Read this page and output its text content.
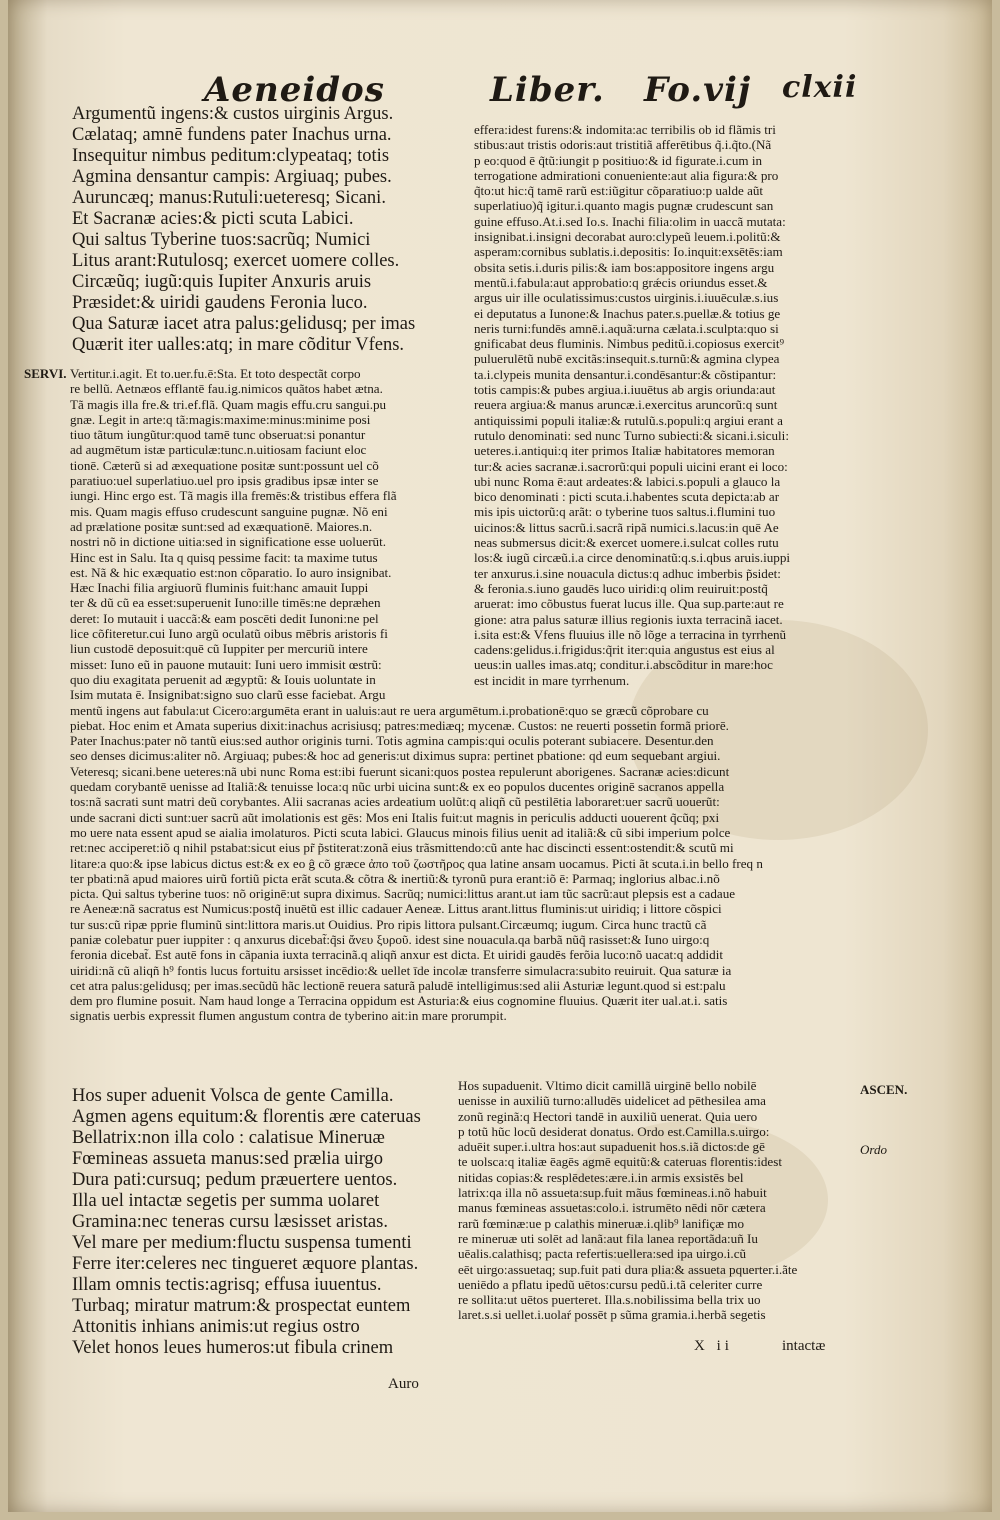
Aeneidos	Liber. Fo.vij clxii
Argumentũ ingens:& custos uirginis Argus.
Cælataq; amnē fundens pater Inachus urna.
Insequitur nimbus peditum:clypeataq; totis
Agmina densantur campis: Argiuaq; pubes.
Auruncæq; manus:Rutuli:ueteresq; Sicani.
Et Sacranæ acies:& picti scuta Labici.
Qui saltus Tyberine tuos:sacrũq; Numici
Litus arant:Rutulosq; exercet uomere colles.
Circæũq; iugũ:quis Iupiter Anxuris aruis
Præsidet:& uiridi gaudens Feronia luco.
Qua Saturæ iacet atra palus:gelidusq; per imas
Quærit iter ualles:atq; in mare cõditur Vfens.
effera:idest furens:& indomita:ac terribilis ob id flãmis tri
stibus:aut tristis odoris:aut tristitiã afferētibus q̃.i.q̃to.(Nã
p eo:quod ē q̃tũ:iungit p positiuo:& id figurate.i.cum in
terrogatione admirationi conueniente:aut alia figura:& pro
q̃to:ut hic:q̃ tamē rarũ est:iũgitur cõparatiuo:p ualde aũt
superlatiuo)q̃ igitur.i.quanto magis pugnæ crudescunt san
guine effuso.At.i.sed Io.s. Inachi filia:olim in uaccã mutata:
insignibat.i.insigni decorabat auro:clypeũ leuem.i.politũ:&
asperam:cornibus sublatis.i.depositis: Io.inquit:exsētēs:iam
obsita setis.i.duris pilis:& iam bos:appositore ingens argu
mentũ.i.fabula:aut approbatio:q grǽcis oriundus esset.&
argus uir ille oculatissimus:custos uirginis.i.iuuēculæ.s.ius
ei deputatus a Iunone:& Inachus pater.s.puellæ.& totius ge
neris turni:fundēs amnē.i.aquã:urna cælata.i.sculpta:quo si
gnificabat deus fluminis. Nimbus peditũ.i.copiosus exercit⁹
puluerulētũ nubē excitãs:insequit.s.turnũ:& agmina clypea
ta.i.clypeis munita densantur.i.condēsantur:& cõstipantur:
totis campis:& pubes argiua.i.iuuētus ab argis oriunda:aut
reuera argiua:& manus aruncæ.i.exercitus aruncorũ:q sunt
antiquissimi populi italiæ:& rutulũ.s.populi:q argiui erant a
rutulo denominati: sed nunc Turno subiecti:& sicani.i.siculi:
ueteres.i.antiqui:q iter primos Italiæ habitatores memoran
tur:& acies sacranæ.i.sacrorũ:qui populi uicini erant ei loco:
ubi nunc Roma ē:aut ardeates:& labici.s.populi a glauco la
bico denominati : picti scuta.i.habentes scuta depicta:ab ar
mis ipis uictorũ:q arãt: o tyberine tuos saltus.i.flumini tuo
uicinos:& littus sacrũ.i.sacrã ripã numici.s.lacus:in quē Ae
neas submersus dicit:& exercet uomere.i.sulcat colles rutu
los:& iugũ circæũ.i.a circe denominatũ:q.s.i.qbus aruis.iuppi
ter anxurus.i.sine nouacula dictus:q adhuc imberbis p̃sidet:
& feronia.s.iuno gaudēs luco uiridi:q olim reuiruit:postq̃
aruerat: imo cõbustus fuerat lucus ille. Qua sup.parte:aut re
gione: atra palus saturæ illius regionis iuxta terracinã iacet.
i.sita est:& Vfens fluuius ille nõ lõge a terracina in tyrrhenũ
cadens:gelidus.i.frigidus:q̃rit iter:quia angustus est eius al
ueus:in ualles imas.atq; conditur.i.abscõditur in mare:hoc
est incidit in mare tyrrhenum.
Vertitur.i.agit. Et to.uer.fu.ē:Sta. Et toto despectãt corpo
re bellũ. Aetnæos efflantē fau.ig.nimicos quãtos habet ætna.
Tã magis illa fre.& tri.ef.flã. Quam magis effu.cru sangui.pu
gnæ. Legit in arte:q tã:magis:maxime:minus:minime posi
tiuo tãtum iungũtur:quod tamē tunc obseruat:si ponantur
ad augmētum istæ particulæ:tunc.n.uitiosam faciunt eloc
tionē. Cæterũ si ad æxequatione positæ sunt:possunt uel cõ
paratiuo:uel superlatiuo.uel pro ipsis gradibus ipsæ inter se
iungi. Hinc ergo est. Tã magis illa fremēs:& tristibus effera flã
mis. Quam magis effuso crudescunt sanguine pugnæ. Nõ eni
ad prælatione positæ sunt:sed ad exæquationē. Maiores.n.
nostri nõ in dictione uitia:sed in significatione esse uoluerūt.
Hinc est in Salu. Ita q quisq pessime facit: ta maxime tutus
est. Nã & hic exæquatio est:non cõparatio. Io auro insignibat.
Hæc Inachi filia argiuorũ fluminis fuit:hanc amauit Iuppi
ter & dũ cũ ea esset:superuenit Iuno:ille timēs:ne depræhen
deret: Io mutauit i uaccã:& eam poscēti dedit Iunoni:ne pel
lice cõfiteretur.cui Iuno argũ oculatũ oibus mēbris aristoris fi
liun custodē deposuit:quē cũ Iuppiter per mercuriũ intere
misset: Iuno eũ in pauone mutauit: Iuni uero immisit œstrũ:
quo diu exagitata peruenit ad ægyptũ: & Iouis uoluntate in
Isim mutata ē. Insignibat:signo suo clarũ esse faciebat. Argu
mentũ ingens aut fabula:ut Cicero:argumēta erant in ualuis:aut re uera argumētum.i.probationē:quo se græcũ cõprobare cu
piebat. Hoc enim et Amata superius dixit:inachus acrisiusq; patres:mediæq; mycenæ. Custos: ne reuerti possetin formã priorē.
Pater Inachus:pater nõ tantũ eius:sed author originis turni. Totis agmina campis:qui oculis poterant subiacere. Desentur.den
seo denses dicimus:aliter nõ. Argiuaq; pubes:& hoc ad generis:ut diximus supra: pertinet pbatione: qd eum sequebant argiui.
Veteresq; sicani.bene ueteres:nã ubi nunc Roma est:ibi fuerunt sicani:quos postea repulerunt aborigenes. Sacranæ acies:dicunt
quedam corybantē uenisse ad Italiã:& tenuisse loca:q nũc urbi uicina sunt:& ex eo populos ducentes originē sacranos appella
tos:nã sacrati sunt matri deũ corybantes. Alii sacranas acies ardeatium uolũt:q aliqñ cũ pestilētia laboraret:uer sacrũ uouerũt:
unde sacrani dicti sunt:uer sacrũ aũt imolationis est gēs: Mos eni Italis fuit:ut magnis in periculis adducti uouerent q̃cũq; pxi
mo uere nata essent apud se aialia imolaturos. Picti scuta labici. Glaucus minois filius uenit ad italiã:& cũ sibi imperium polce
ret:nec acciperet:iõ q nihil pstabat:sicut eius pr̃ p̃stiterat:zonã eius trãsmittendo:cũ ante hac discincti essent:ostendit:& scutũ mi
litare:a quo:& ipse labicus dictus est:& ex eo ĝ cõ græce ἀπο τοῦ ζωστῆρος qua latine ansam uocamus. Picti ãt scuta.i.in bello freq n
ter pbati:nã apud maiores uirũ fortiũ picta erãt scuta.& cõtra & inertiũ:& tyronũ pura erant:iõ ē: Parmaq; inglorius albac.i.nõ
picta. Qui saltus tyberine tuos: nõ originē:ut supra diximus. Sacrũq; numici:littus arant.ut iam tũc sacrũ:aut plepsis est a cadaue
re Aeneæ:nã sacratus est Numicus:postq̃ inuētũ est illic cadauer Aeneæ. Littus arant.littus fluminis:ut uiridiq; i littore cõspici
tur sus:cũ ripæ pprie fluminũ sint:littora maris.ut Ouidius. Pro ripis littora pulsant.Circæumq; iugum. Circa hunc tractũ cã
paniæ colebatur puer iuppiter : q anxurus dicebat̃:q̃si ἄνευ ξυροῦ. idest sine nouacula.qa barbã nũq̃ rasisset:& Iuno uirgo:q
feronia dicebat̃. Est autē fons in cãpania iuxta terracinã.q aliqñ anxur est dicta. Et uiridi gaudēs ferõia luco:nõ uacat:q addidit
uiridi:nã cũ aliqñ h⁹ fontis lucus fortuitu arsisset incēdio:& uellet īde incolæ transferre simulacra:subito reuiruit. Qua saturæ ia
cet atra palus:gelidusq; per imas.secũdũ hãc lectionē reuera saturã paludē intelligimus:sed alii Asturiæ legunt.quod si est:palu
dem pro flumine posuit. Nam haud longe a Terracina oppidum est Asturia:& eius cognomine fluuius. Quærit iter ual.at.i. satis
signatis uerbis expressit flumen angustum contra de tyberino ait:in mare prorumpit.
SERVI.
ASCEN.
Ordo
Hos super aduenit Volsca de gente Camilla.
Agmen agens equitum:& florentis ære cateruas
Bellatrix:non illa colo : calatisue Mineruæ
Fœmineas assueta manus:sed prælia uirgo
Dura pati:cursuq; pedum præuertere uentos.
Illa uel intactæ segetis per summa uolaret
Gramina:nec teneras cursu læsisset aristas.
Vel mare per medium:fluctu suspensa tumenti
Ferre iter:celeres nec tingueret æquore plantas.
Illam omnis tectis:agrisq; effusa iuuentus.
Turbaq; miratur matrum:& prospectat euntem
Attonitis inhians animis:ut regius ostro
Velet honos leues humeros:ut fibula crinem
Hos supaduenit. Vltimo dicit camillã uirginē bello nobilē
uenisse in auxiliũ turno:alludēs uidelicet ad pēthesilea ama
zonũ reginã:q Hectori tandē in auxiliũ uenerat. Quia uero
p totũ hũc locũ desiderat donatus. Ordo est.Camilla.s.uirgo:
aduēit super.i.ultra hos:aut supaduenit hos.s.iã dictos:de gē
te uolsca:q italiæ ēagēs agmē equitũ:& cateruas florentis:idest
nitidas copias:& resplēdetes:ære.i.in armis exsistēs bel
latrix:qa illa nõ assueta:sup.fuit mãus fœmineas.i.nõ habuit
manus fœmineas assuetas:colo.i. istrumēto nēdi nōr cætera
rarũ fœminæ:ue p calathis mineruæ.i.qlib⁹ lanifiçæ mo
re mineruæ uti solēt ad lanã:aut fila lanea reportãda:uñ Iu
uēalis.calathisq; pacta refertis:uellera:sed ipa uirgo.i.cũ
eēt uirgo:assuetaq; sup.fuit pati dura plia:& assueta pquerter.i.ãte
ueniēdo a pflatu ipedũ uētos:cursu pedũ.i.tã celeriter curre
re sollita:ut uētos puerteret. Illa.s.nobilissima bella trix uo
laret.s.si uellet.i.uolaŕ possēt p sũma gramia.i.herbã segetis
X ii	intactæ
Auro
